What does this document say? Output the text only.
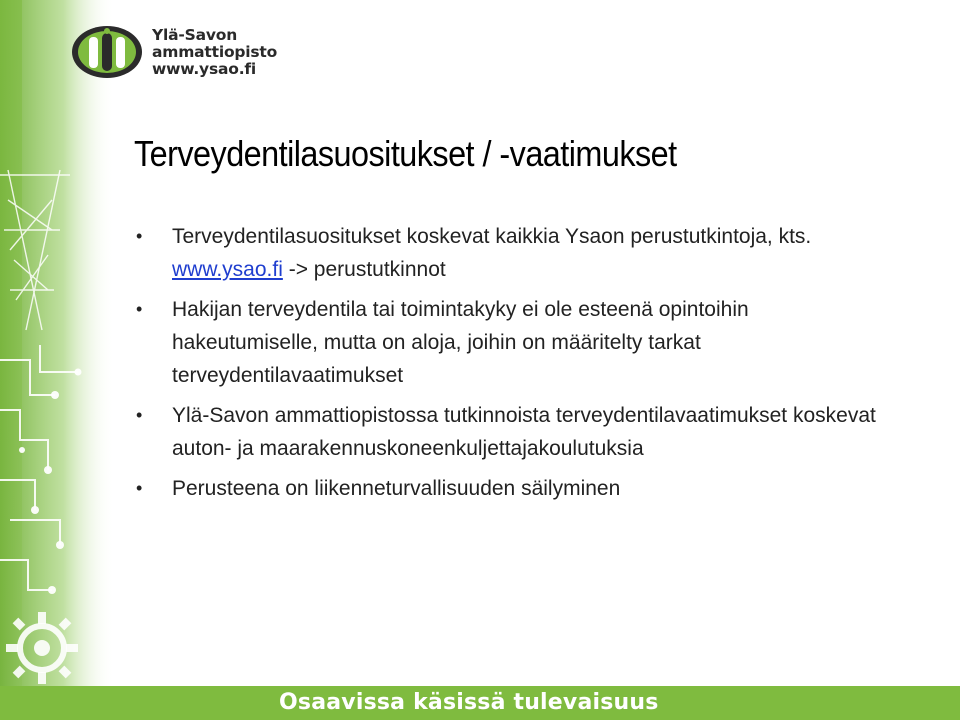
Ylä-Savon
ammattiopisto
www.ysao.fi
Terveydentilasuositukset / -vaatimukset
• Terveydentilasuositukset koskevat kaikkia Ysaon perustutkintoja, kts. www.ysao.fi -> perustutkinnot
• Hakijan terveydentila tai toimintakyky ei ole esteenä opintoihin hakeutumiselle, mutta on aloja, joihin on määritelty tarkat terveydentilavaatimukset
• Ylä-Savon ammattiopistossa tutkinnoista terveydentilavaatimukset koskevat auton- ja maarakennuskoneenkuljettajakoulutuksia
• Perusteena on liikenneturvallisuuden säilyminen
Osaavissa käsissä tulevaisuus
